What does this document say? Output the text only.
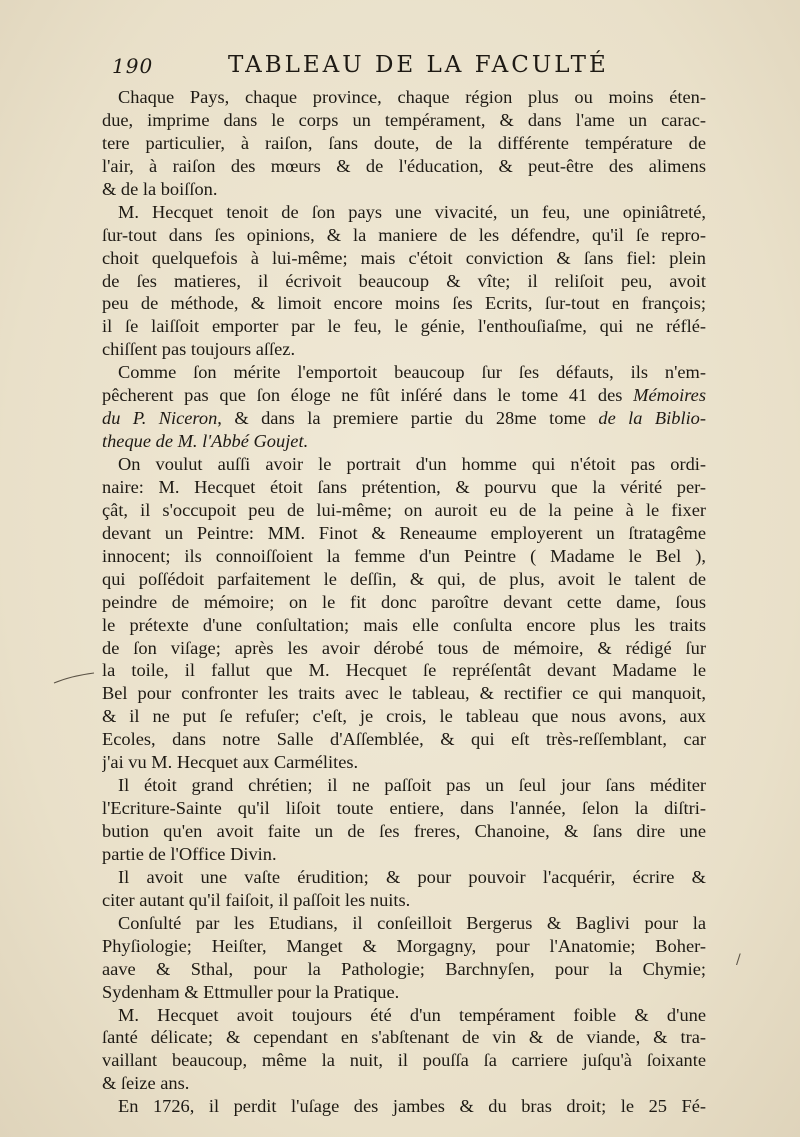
190	TABLEAU DE LA FACULTÉ
Chaque Pays, chaque province, chaque région plus ou moins éten-
due, imprime dans le corps un tempérament, & dans l'ame un carac-
tere particulier, à raiſon, ſans doute, de la différente température de
l'air, à raiſon des mœurs & de l'éducation, & peut-être des alimens
& de la boiſſon.
M. Hecquet tenoit de ſon pays une vivacité, un feu, une opiniâtreté,
ſur-tout dans ſes opinions, & la maniere de les défendre, qu'il ſe repro-
choit quelquefois à lui-même; mais c'étoit conviction & ſans fiel: plein
de ſes matieres, il écrivoit beaucoup & vîte; il reliſoit peu, avoit
peu de méthode, & limoit encore moins ſes Ecrits, ſur-tout en françois;
il ſe laiſſoit emporter par le feu, le génie, l'enthouſiaſme, qui ne réflé-
chiſſent pas toujours aſſez.
Comme ſon mérite l'emportoit beaucoup ſur ſes défauts, ils n'em-
pêcherent pas que ſon éloge ne fût inſéré dans le tome 41 des Mémoires
du P. Niceron, & dans la premiere partie du 28me tome de la Biblio-
theque de M. l'Abbé Goujet.
On voulut auſſi avoir le portrait d'un homme qui n'étoit pas ordi-
naire: M. Hecquet étoit ſans prétention, & pourvu que la vérité per-
çât, il s'occupoit peu de lui-même; on auroit eu de la peine à le fixer
devant un Peintre: MM. Finot & Reneaume employerent un ſtratagême
innocent; ils connoiſſoient la femme d'un Peintre ( Madame le Bel ),
qui poſſédoit parfaitement le deſſin, & qui, de plus, avoit le talent de
peindre de mémoire; on le fit donc paroître devant cette dame, ſous
le prétexte d'une conſultation; mais elle conſulta encore plus les traits
de ſon viſage; après les avoir dérobé tous de mémoire, & rédigé ſur
la toile, il fallut que M. Hecquet ſe repréſentât devant Madame le
Bel pour confronter les traits avec le tableau, & rectifier ce qui manquoit,
& il ne put ſe refuſer; c'eſt, je crois, le tableau que nous avons, aux
Ecoles, dans notre Salle d'Aſſemblée, & qui eſt très-reſſemblant, car
j'ai vu M. Hecquet aux Carmélites.
Il étoit grand chrétien; il ne paſſoit pas un ſeul jour ſans méditer
l'Ecriture-Sainte qu'il liſoit toute entiere, dans l'année, ſelon la diſtri-
bution qu'en avoit faite un de ſes freres, Chanoine, & ſans dire une
partie de l'Office Divin.
Il avoit une vaſte érudition; & pour pouvoir l'acquérir, écrire &
citer autant qu'il faiſoit, il paſſoit les nuits.
Conſulté par les Etudians, il conſeilloit Bergerus & Baglivi pour la
Phyſiologie; Heiſter, Manget & Morgagny, pour l'Anatomie; Boher-
aave & Sthal, pour la Pathologie; Barchnyſen, pour la Chymie;
Sydenham & Ettmuller pour la Pratique.
M. Hecquet avoit toujours été d'un tempérament foible & d'une
ſanté délicate; & cependant en s'abſtenant de vin & de viande, & tra-
vaillant beaucoup, même la nuit, il pouſſa ſa carriere juſqu'à ſoixante
& ſeize ans.
En 1726, il perdit l'uſage des jambes & du bras droit; le 25 Fé-
/
